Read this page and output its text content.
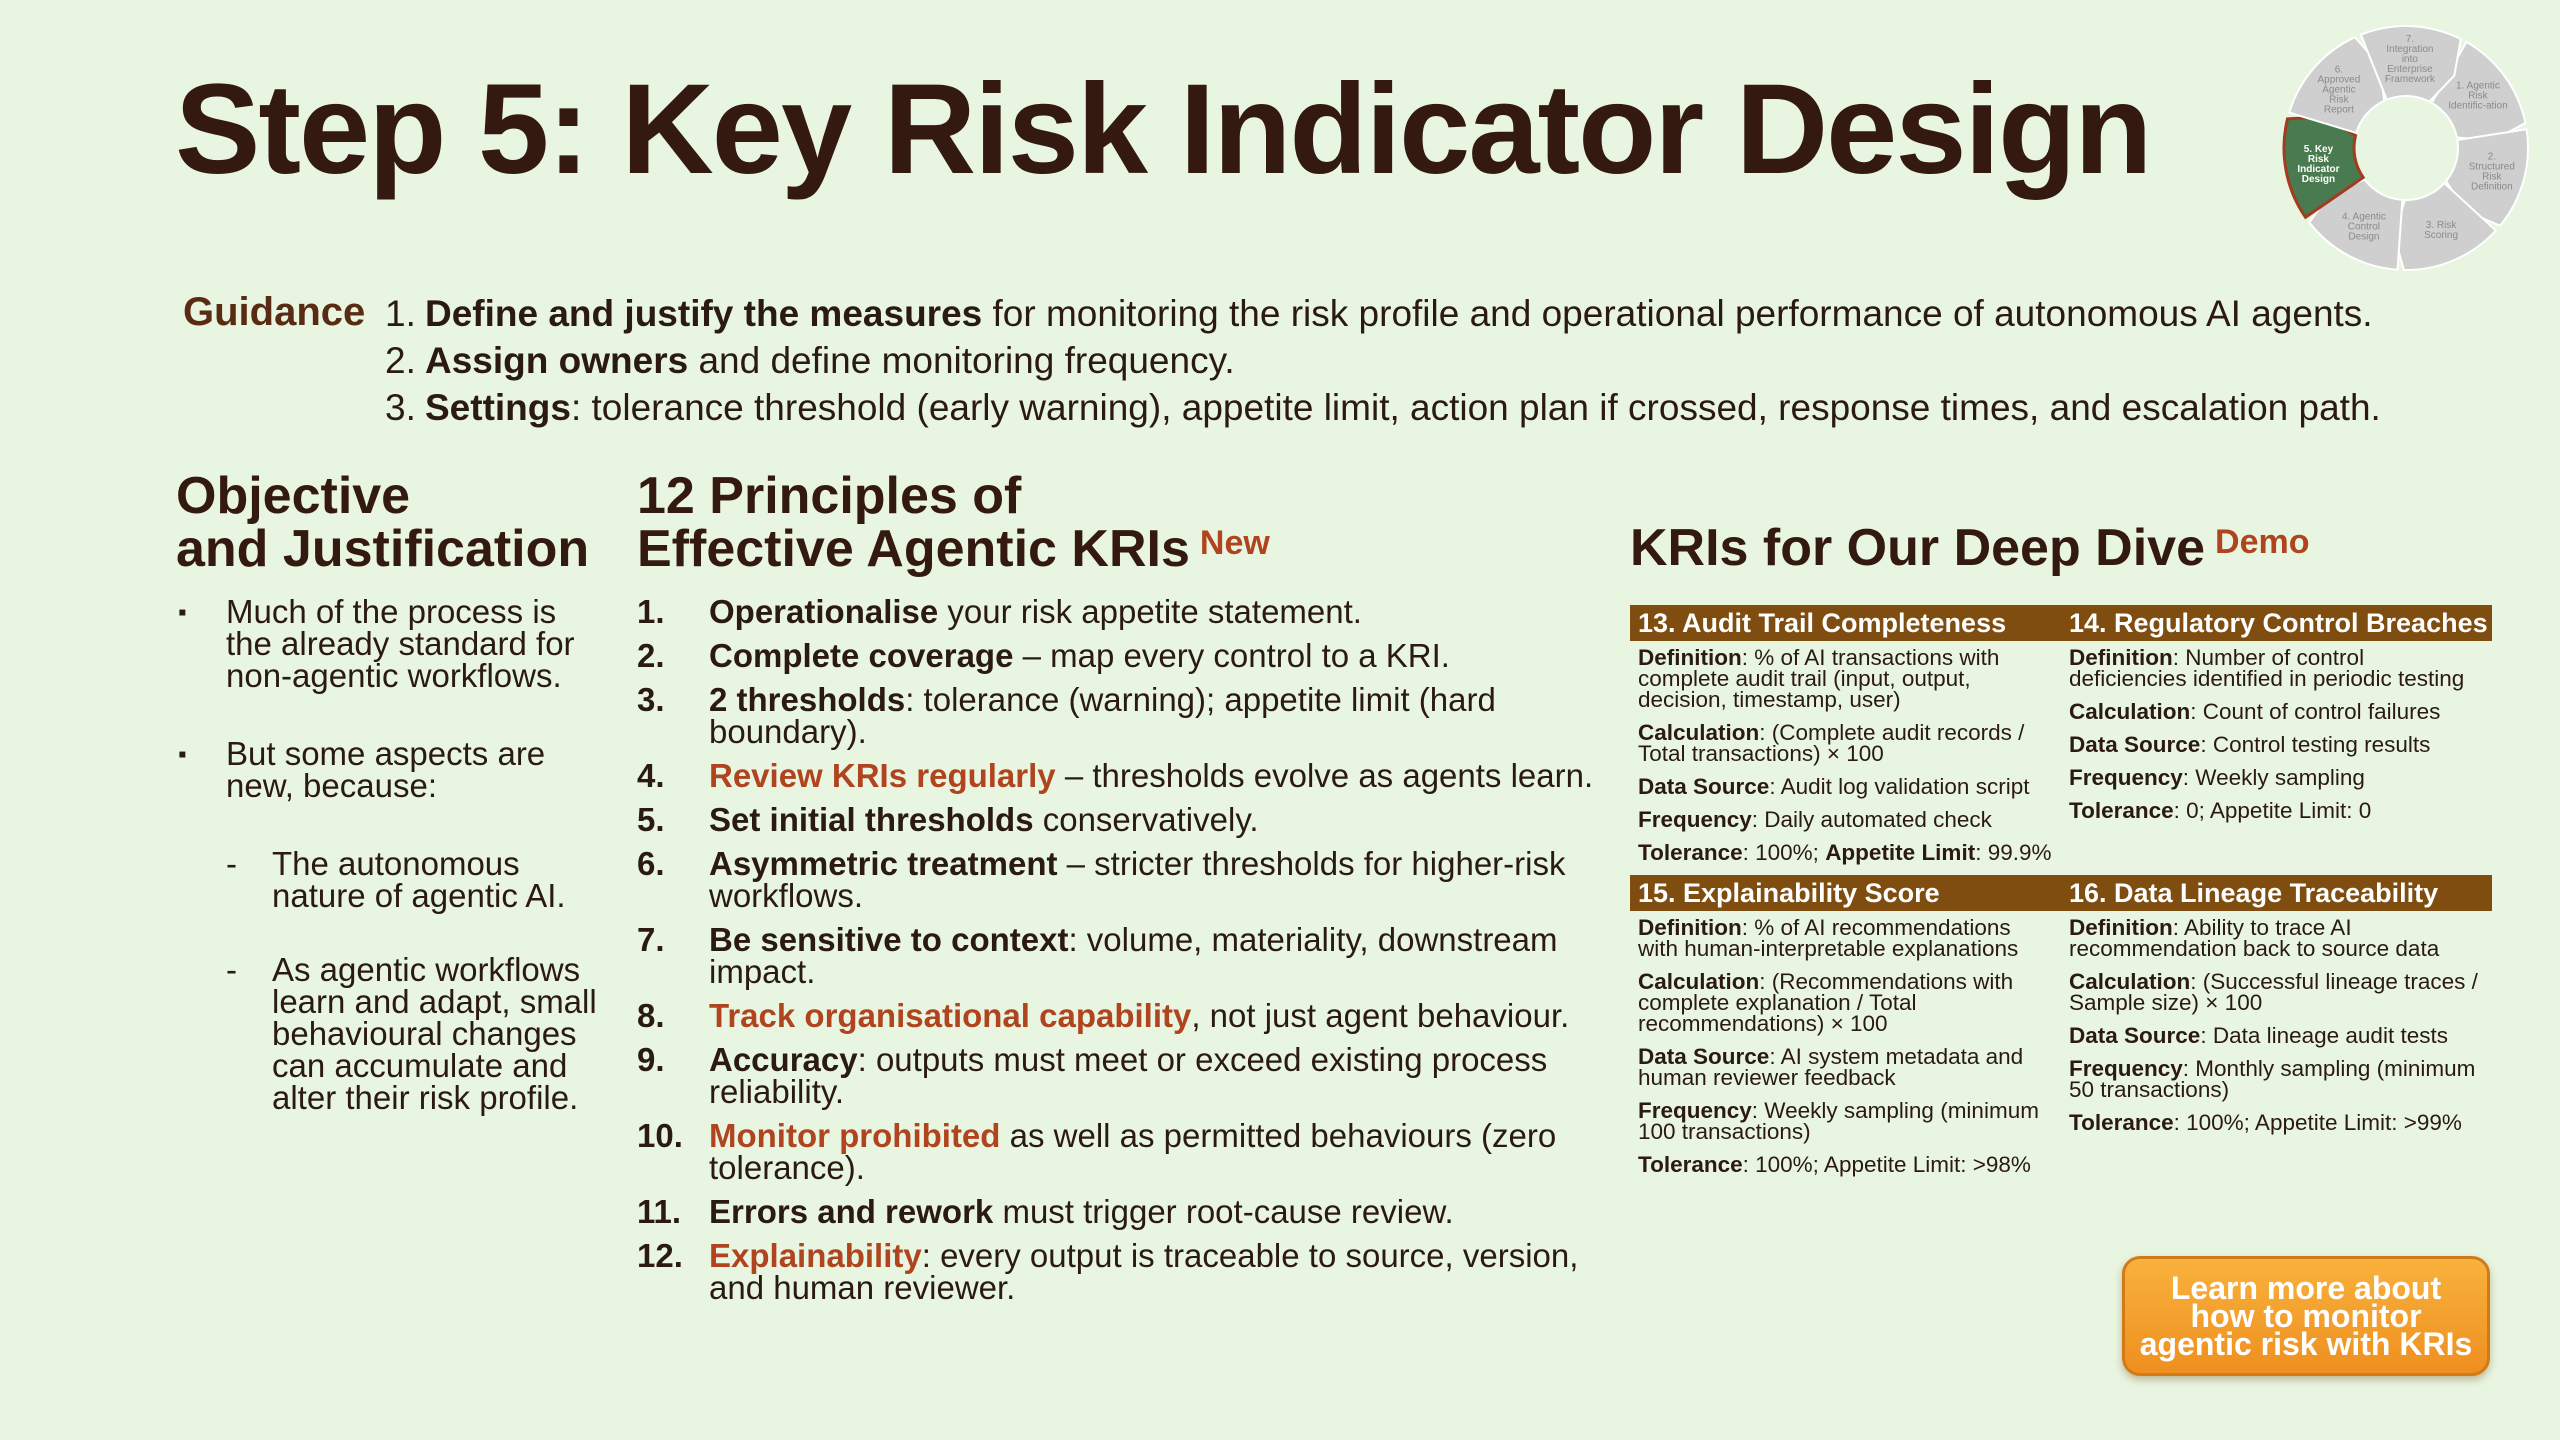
Step 5: Key Risk Indicator Design	1. Agentic Risk Identific-ation
2. Structured Risk Definition
3. Risk Scoring
4. Agentic Control Design
5. Key Risk Indicator Design
6. Approved Agentic Risk Report
7. Integration into Enterprise Framework
Guidance 1. Define and justify the measures for monitoring the risk profile and operational performance of autonomous AI agents.
2. Assign owners and define monitoring frequency.
3. Settings: tolerance threshold (early warning), appetite limit, action plan if crossed, response times, and escalation path.
Objective
and Justification
▪	Much of the process is the already standard for non-agentic workflows.
▪	But some aspects are new, because:
-	The autonomous nature of agentic AI.
-	As agentic workflows learn and adapt, small behavioural changes can accumulate and alter their risk profile.
12 Principles of
Effective Agentic KRIs $^{New}$
1.	Operationalise your risk appetite statement.
2.	Complete coverage – map every control to a KRI.
3.	2 thresholds: tolerance (warning); appetite limit (hard boundary).
4.	Review KRIs regularly – thresholds evolve as agents learn.
5.	Set initial thresholds conservatively.
6.	Asymmetric treatment – stricter thresholds for higher-risk workflows.
7.	Be sensitive to context: volume, materiality, downstream impact.
8.	Track organisational capability, not just agent behaviour.
9.	Accuracy: outputs must meet or exceed existing process reliability.
10. Monitor prohibited as well as permitted behaviours (zero tolerance).
11. Errors and rework must trigger root-cause review.
12. Explainability: every output is traceable to source, version, and human reviewer.
KRIs for Our Deep Dive $^{Demo}$
13. Audit Trail Completeness

Definition: % of AI transactions with complete audit trail (input, output, decision, timestamp, user)

Calculation: (Complete audit records / Total transactions) × 100

Data Source: Audit log validation script

Frequency: Daily automated check

Tolerance: 100%; Appetite Limit: 99.9%

14. Regulatory Control Breaches

Definition: Number of control deficiencies identified in periodic testing

Calculation: Count of control failures

Data Source: Control testing results

Frequency: Weekly sampling

Tolerance: 0; Appetite Limit: 0

15. Explainability Score

Definition: % of AI recommendations with human-interpretable explanations

Calculation: (Recommendations with complete explanation / Total recommendations) × 100

Data Source: AI system metadata and human reviewer feedback

Frequency: Weekly sampling (minimum 100 transactions)

Tolerance: 100%; Appetite Limit: >98%

16. Data Lineage Traceability

Definition: Ability to trace AI recommendation back to source data

Calculation: (Successful lineage traces / Sample size) × 100

Data Source: Data lineage audit tests

Frequency: Monthly sampling (minimum 50 transactions)

Tolerance: 100%; Appetite Limit: >99%

Learn more about how to monitor agentic risk with KRIs
